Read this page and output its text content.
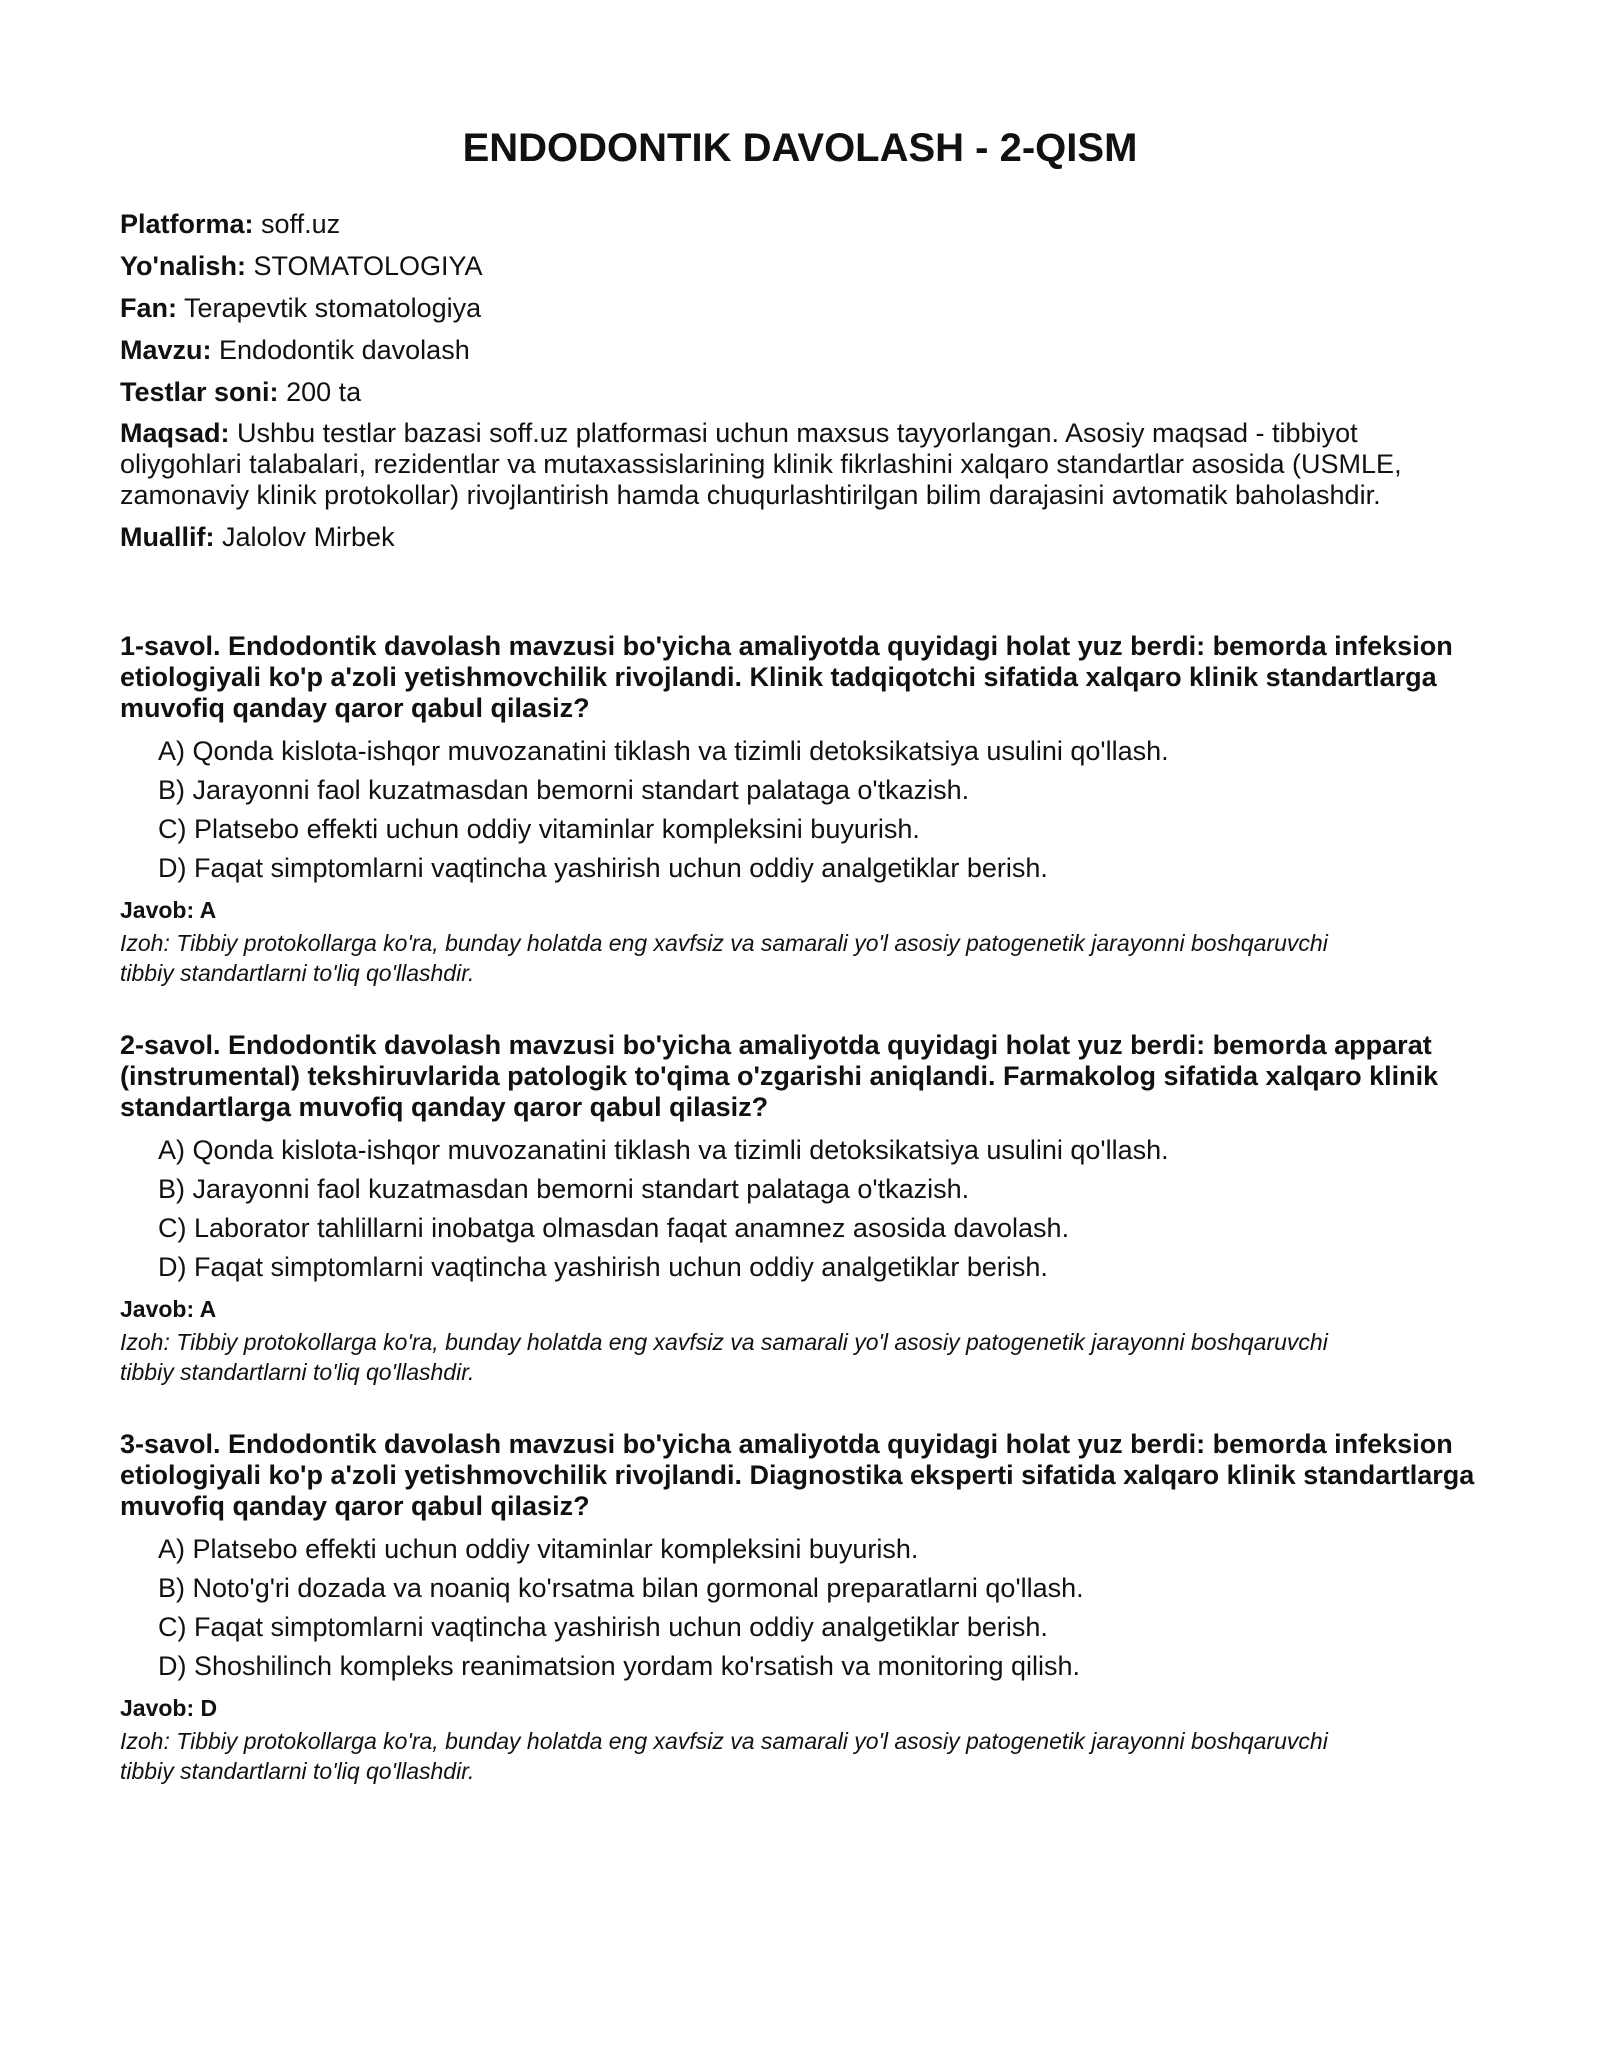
ENDODONTIK DAVOLASH - 2-QISM
Platforma: soff.uz
Yo'nalish: STOMATOLOGIYA
Fan: Terapevtik stomatologiya
Mavzu: Endodontik davolash
Testlar soni: 200 ta
Maqsad: Ushbu testlar bazasi soff.uz platformasi uchun maxsus tayyorlangan. Asosiy maqsad - tibbiyot oliygohlari talabalari, rezidentlar va mutaxassislarining klinik fikrlashini xalqaro standartlar asosida (USMLE, zamonaviy klinik protokollar) rivojlantirish hamda chuqurlashtirilgan bilim darajasini avtomatik baholashdir.
Muallif: Jalolov Mirbek

1-savol. Endodontik davolash mavzusi bo'yicha amaliyotda quyidagi holat yuz berdi: bemorda infeksion etiologiyali ko'p a'zoli yetishmovchilik rivojlandi. Klinik tadqiqotchi sifatida xalqaro klinik standartlarga muvofiq qanday qaror qabul qilasiz?

A) Qonda kislota-ishqor muvozanatini tiklash va tizimli detoksikatsiya usulini qo'llash.
B) Jarayonni faol kuzatmasdan bemorni standart palataga o'tkazish.
C) Platsebo effekti uchun oddiy vitaminlar kompleksini buyurish.
D) Faqat simptomlarni vaqtincha yashirish uchun oddiy analgetiklar berish.
Javob: A
Izoh: Tibbiy protokollarga ko'ra, bunday holatda eng xavfsiz va samarali yo'l asosiy patogenetik jarayonni boshqaruvchi tibbiy standartlarni to'liq qo'llashdir.

2-savol. Endodontik davolash mavzusi bo'yicha amaliyotda quyidagi holat yuz berdi: bemorda apparat (instrumental) tekshiruvlarida patologik to'qima o'zgarishi aniqlandi. Farmakolog sifatida xalqaro klinik standartlarga muvofiq qanday qaror qabul qilasiz?

A) Qonda kislota-ishqor muvozanatini tiklash va tizimli detoksikatsiya usulini qo'llash.
B) Jarayonni faol kuzatmasdan bemorni standart palataga o'tkazish.
C) Laborator tahlillarni inobatga olmasdan faqat anamnez asosida davolash.
D) Faqat simptomlarni vaqtincha yashirish uchun oddiy analgetiklar berish.
Javob: A
Izoh: Tibbiy protokollarga ko'ra, bunday holatda eng xavfsiz va samarali yo'l asosiy patogenetik jarayonni boshqaruvchi tibbiy standartlarni to'liq qo'llashdir.

3-savol. Endodontik davolash mavzusi bo'yicha amaliyotda quyidagi holat yuz berdi: bemorda infeksion etiologiyali ko'p a'zoli yetishmovchilik rivojlandi. Diagnostika eksperti sifatida xalqaro klinik standartlarga muvofiq qanday qaror qabul qilasiz?

A) Platsebo effekti uchun oddiy vitaminlar kompleksini buyurish.
B) Noto'g'ri dozada va noaniq ko'rsatma bilan gormonal preparatlarni qo'llash.
C) Faqat simptomlarni vaqtincha yashirish uchun oddiy analgetiklar berish.
D) Shoshilinch kompleks reanimatsion yordam ko'rsatish va monitoring qilish.
Javob: D
Izoh: Tibbiy protokollarga ko'ra, bunday holatda eng xavfsiz va samarali yo'l asosiy patogenetik jarayonni boshqaruvchi tibbiy standartlarni to'liq qo'llashdir.
